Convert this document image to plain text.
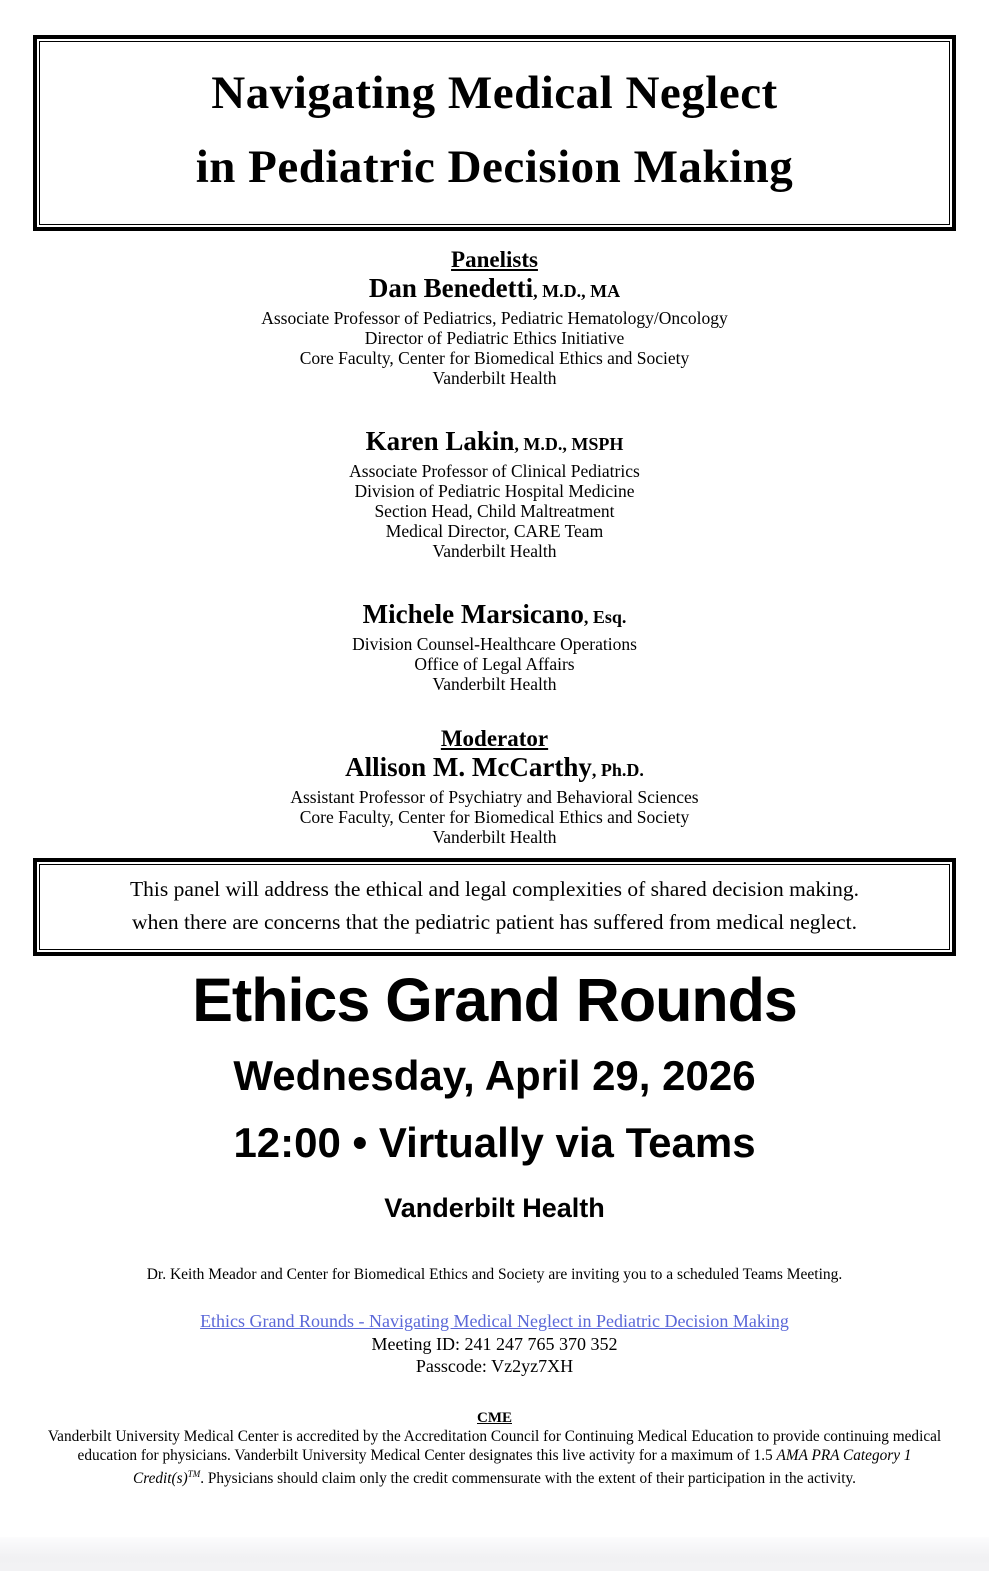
Navigating Medical Neglect
in Pediatric Decision Making
Panelists
Dan Benedetti, M.D., MA
Associate Professor of Pediatrics, Pediatric Hematology/Oncology
Director of Pediatric Ethics Initiative
Core Faculty, Center for Biomedical Ethics and Society
Vanderbilt Health
Karen Lakin, M.D., MSPH
Associate Professor of Clinical Pediatrics
Division of Pediatric Hospital Medicine
Section Head, Child Maltreatment
Medical Director, CARE Team
Vanderbilt Health
Michele Marsicano, Esq.
Division Counsel-Healthcare Operations
Office of Legal Affairs
Vanderbilt Health
Moderator
Allison M. McCarthy, Ph.D.
Assistant Professor of Psychiatry and Behavioral Sciences
Core Faculty, Center for Biomedical Ethics and Society
Vanderbilt Health
This panel will address the ethical and legal complexities of shared decision making.
when there are concerns that the pediatric patient has suffered from medical neglect.
Ethics Grand Rounds
Wednesday, April 29, 2026
12:00 • Virtually via Teams
Vanderbilt Health
Dr. Keith Meador and Center for Biomedical Ethics and Society are inviting you to a scheduled Teams Meeting.
Ethics Grand Rounds - Navigating Medical Neglect in Pediatric Decision Making
Meeting ID: 241 247 765 370 352
Passcode: Vz2yz7XH
CME
Vanderbilt University Medical Center is accredited by the Accreditation Council for Continuing Medical Education to provide continuing medical education for physicians. Vanderbilt University Medical Center designates this live activity for a maximum of 1.5 AMA PRA Category 1 Credit(s)™. Physicians should claim only the credit commensurate with the extent of their participation in the activity.
